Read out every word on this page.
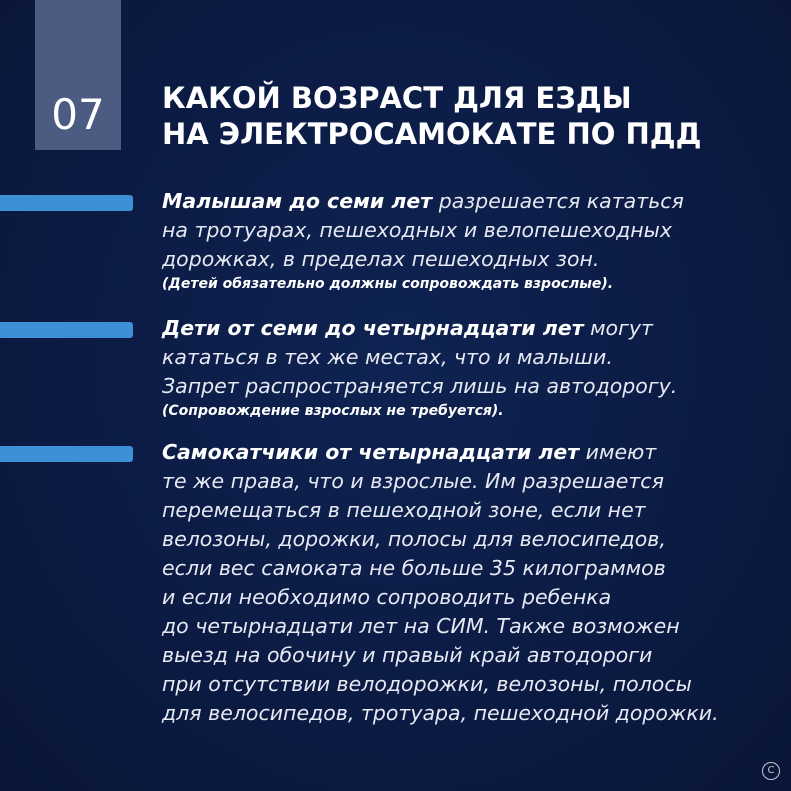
07 КАКОЙ ВОЗРАСТ ДЛЯ ЕЗДЫ
НА ЭЛЕКТРОСАМОКАТЕ ПО ПДД
Малышам до семи лет разрешается кататься
на тротуарах, пешеходных и велопешеходных
дорожках, в пределах пешеходных зон.
(Детей обязательно должны сопровождать взрослые).
Дети от семи до четырнадцати лет могут
кататься в тех же местах, что и малыши.
Запрет распространяется лишь на автодорогу.
(Сопровождение взрослых не требуется).
Самокатчики от четырнадцати лет имеют
те же права, что и взрослые. Им разрешается
перемещаться в пешеходной зоне, если нет
велозоны, дорожки, полосы для велосипедов,
если вес самоката не больше 35 килограммов
и если необходимо сопроводить ребенка
до четырнадцати лет на СИМ. Также возможен
выезд на обочину и правый край автодороги
при отсутствии велодорожки, велозоны, полосы
для велосипедов, тротуара, пешеходной дорожки.
C
